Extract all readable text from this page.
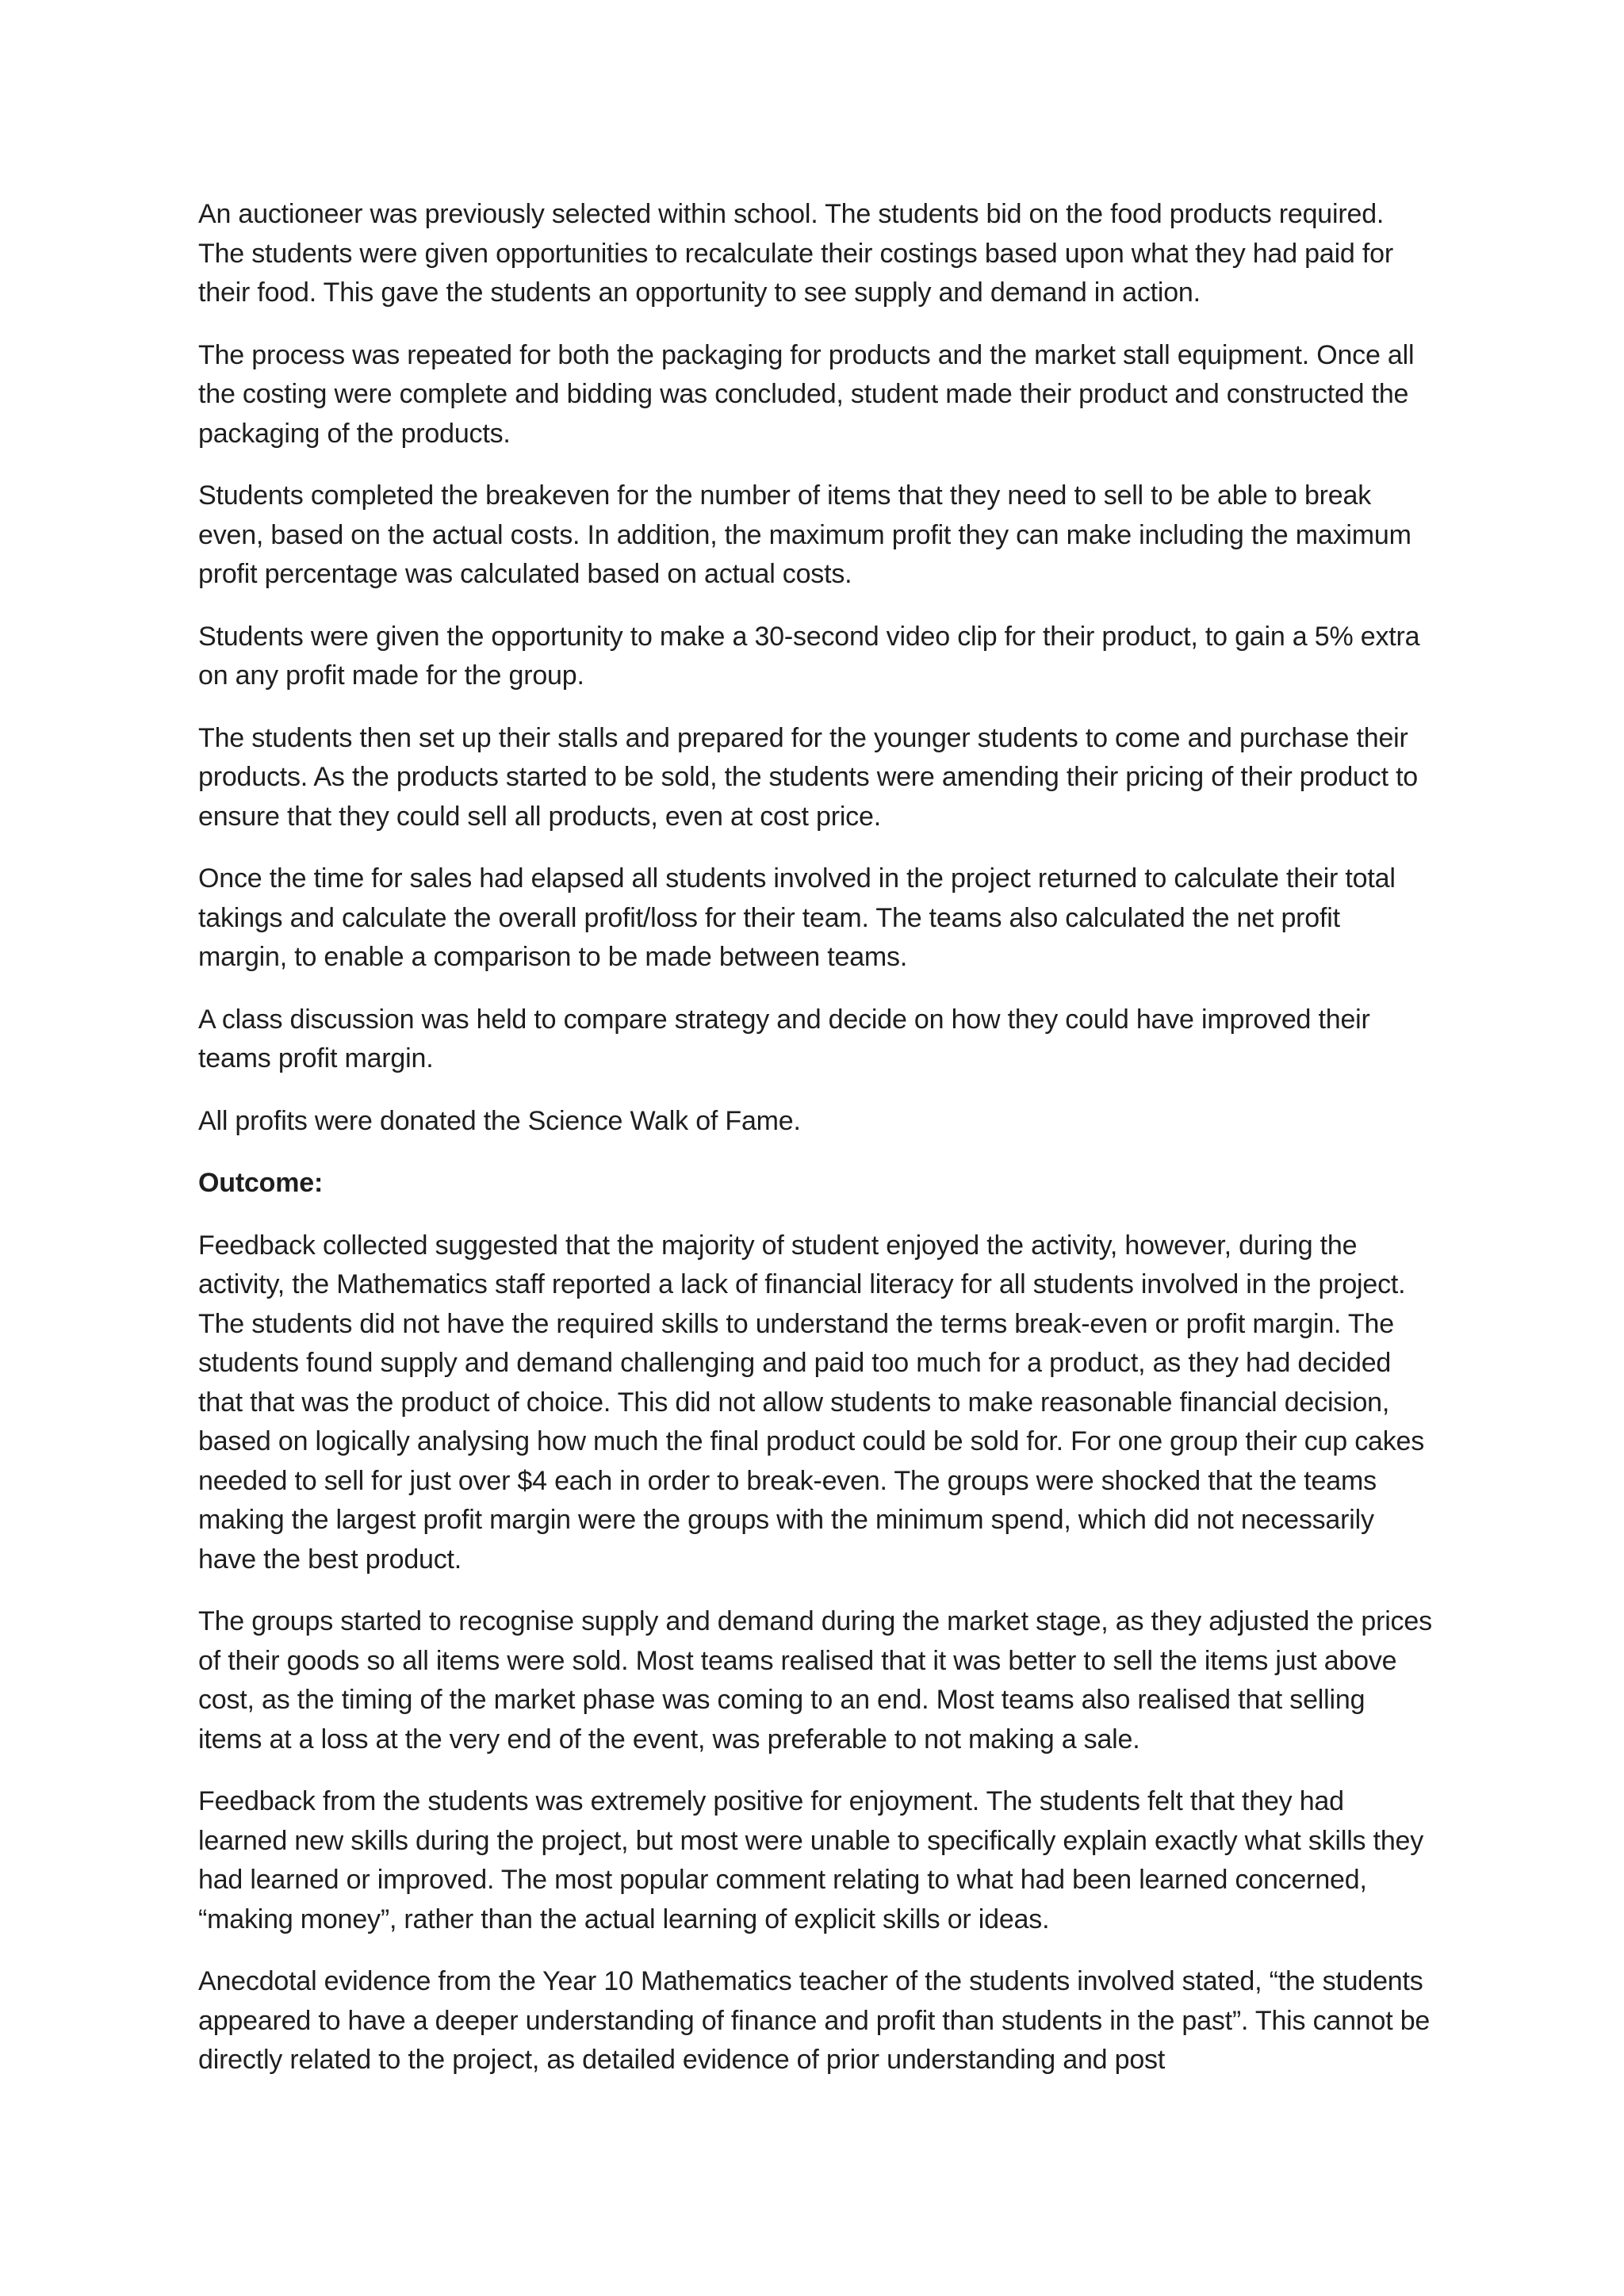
An auctioneer was previously selected within school. The students bid on the food products required. The students were given opportunities to recalculate their costings based upon what they had paid for their food. This gave the students an opportunity to see supply and demand in action.

The process was repeated for both the packaging for products and the market stall equipment. Once all the costing were complete and bidding was concluded, student made their product and constructed the packaging of the products.

Students completed the breakeven for the number of items that they need to sell to be able to break even, based on the actual costs. In addition, the maximum profit they can make including the maximum profit percentage was calculated based on actual costs.

Students were given the opportunity to make a 30-second video clip for their product, to gain a 5% extra on any profit made for the group.

The students then set up their stalls and prepared for the younger students to come and purchase their products. As the products started to be sold, the students were amending their pricing of their product to ensure that they could sell all products, even at cost price.

Once the time for sales had elapsed all students involved in the project returned to calculate their total takings and calculate the overall profit/loss for their team. The teams also calculated the net profit margin, to enable a comparison to be made between teams.

A class discussion was held to compare strategy and decide on how they could have improved their teams profit margin.

All profits were donated the Science Walk of Fame.

Outcome:

Feedback collected suggested that the majority of student enjoyed the activity, however, during the activity, the Mathematics staff reported a lack of financial literacy for all students involved in the project. The students did not have the required skills to understand the terms break-even or profit margin. The students found supply and demand challenging and paid too much for a product, as they had decided that that was the product of choice. This did not allow students to make reasonable financial decision, based on logically analysing how much the final product could be sold for. For one group their cup cakes needed to sell for just over $4 each in order to break-even. The groups were shocked that the teams making the largest profit margin were the groups with the minimum spend, which did not necessarily have the best product.

The groups started to recognise supply and demand during the market stage, as they adjusted the prices of their goods so all items were sold. Most teams realised that it was better to sell the items just above cost, as the timing of the market phase was coming to an end. Most teams also realised that selling items at a loss at the very end of the event, was preferable to not making a sale.

Feedback from the students was extremely positive for enjoyment. The students felt that they had learned new skills during the project, but most were unable to specifically explain exactly what skills they had learned or improved. The most popular comment relating to what had been learned concerned, “making money”, rather than the actual learning of explicit skills or ideas.

Anecdotal evidence from the Year 10 Mathematics teacher of the students involved stated, “the students appeared to have a deeper understanding of finance and profit than students in the past”. This cannot be directly related to the project, as detailed evidence of prior understanding and post
